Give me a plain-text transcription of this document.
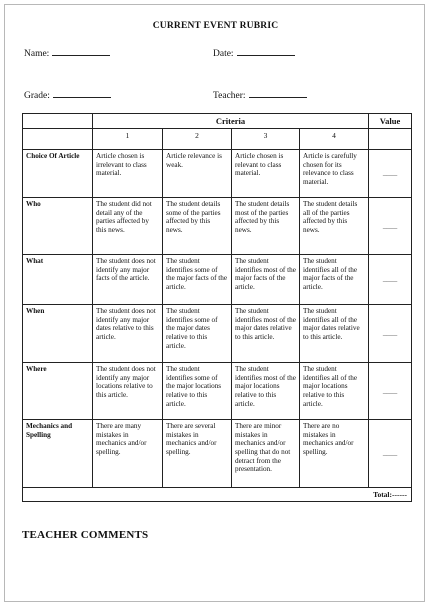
CURRENT EVENT RUBRIC
Name:	Date:
Grade:	Teacher:
	Criteria				Value
	1	2	3	4	
Choice Of Article	Article chosen is irrelevant to class material.	Article relevance is weak.	Article chosen is relevant to class material.	Article is carefully chosen for its relevance to class material.	____
Who	The student did not detail any of the parties affected by this news.	The student details some of the parties affected by this news.	The student details most of the parties affected by this news.	The student details all of the parties affected by this news.	____
What	The student does not identify any major facts of the article.	The student identifies some of the major facts of the article.	The student identifies most of the major facts of the article.	The student identifies all of the major facts of the article.	____
When	The student does not identify any major dates relative to this article.	The student identifies some of the major dates relative to this article.	The student identifies most of the major dates relative to this article.	The student identifies all of the major dates relative to this article.	____
Where	The student does not identify any major locations relative to this article.	The student identifies some of the major locations relative to this article.	The student identifies most of the major locations relative to this article.	The student identifies all of the major locations relative to this article.	____
Mechanics and Spelling	There are many mistakes in mechanics and/or spelling.	There are several mistakes in mechanics and/or spelling.	There are minor mistakes in mechanics and/or spelling that do not detract from the presentation.	There are no mistakes in mechanics and/or spelling.	____
Total:------					
TEACHER COMMENTS
